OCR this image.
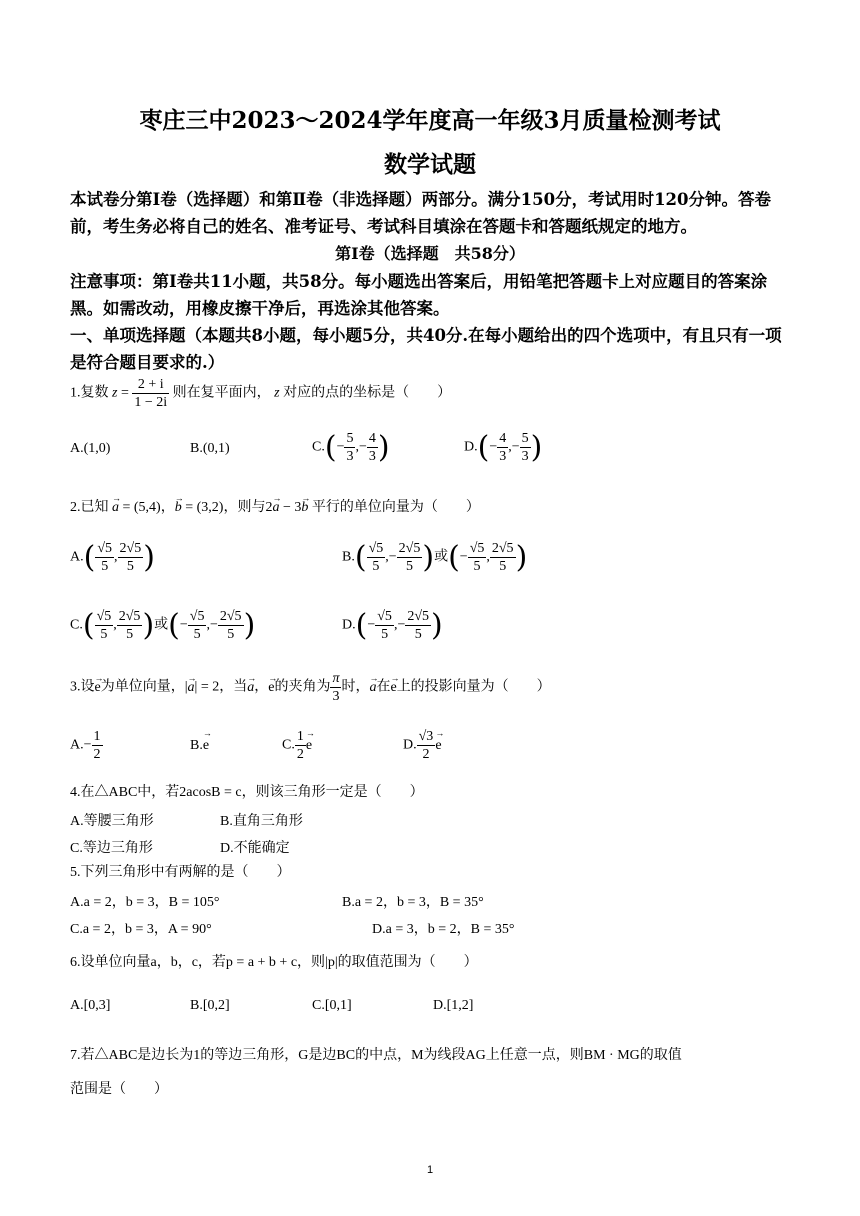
枣庄三中2023～2024学年度高一年级3月质量检测考试
数学试题
本试卷分第Ⅰ卷（选择题）和第Ⅱ卷（非选择题）两部分。满分150分，考试用时120分钟。答卷前，考生务必将自己的姓名、准考证号、考试科目填涂在答题卡和答题纸规定的地方。
第Ⅰ卷（选择题　共58分）
注意事项：第Ⅰ卷共11小题，共58分。每小题选出答案后，用铅笔把答题卡上对应题目的答案涂黑。如需改动，用橡皮擦干净后，再选涂其他答案。
一、单项选择题（本题共8小题，每小题5分，共40分.在每小题给出的四个选项中，有且只有一项是符合题目要求的.）
1.复数 $z = \frac{2 + i}{1 - 2i}$ 则在复平面内， z 对应的点的坐标是（　　）
A.(1,0)	B.(0,1)	$C.(- \frac{5}{3}$ ,− $\frac{4}{3}$ )	$D.(- \frac{4}{3}$ ,− $\frac{5}{3}$ )
2.已知 → a = (5,4)，→ b = (3,2)，则与2→ a − 3→ b 平行的单位向量为（　　）
$A.( \frac{√5}{5}$ , $\frac{2√5}{5}$ )	$B.( \frac{√5}{5}$ ,− $\frac{2√5}{5}$ )或(− $\frac{√5}{5}$ , $\frac{2√5}{5}$ )
$C.( \frac{√5}{5}$ , $\frac{2√5}{5}$ )或(− $\frac{√5}{5}$ ,− $\frac{2√5}{5}$ )	$D.(- \frac{√5}{5}$ ,− $\frac{2√5}{5}$ )
3.设→ e为单位向量，|→ a| = 2，当→ a，→ e的夹角为 $\frac{\pi}{3}$ 时，→ a在→ e上的投影向量为（　　）
$A.- \frac{1}{2}$	B.→ e	C. $\frac{1}{2} \to e$	D. $\frac{√3}{2} \to e$
4.在△ABC中，若2acosB = c，则该三角形一定是（　　）
A.等腰三角形	B.直角三角形
C.等边三角形	D.不能确定
5.下列三角形中有两解的是（　　）
A.a = 2，b = 3，B = 105°	B.a = 2，b = 3，B = 35°
C.a = 2，b = 3，A = 90°	D.a = 3，b = 2，B = 35°
6.设单位向量a，b，c，若p = a + b + c，则|p|的取值范围为（　　）
A.[0,3]	B.[0,2]	C.[0,1]	D.[1,2]
7.若△ABC是边长为1的等边三角形，G是边BC的中点，M为线段AG上任意一点，则BM · MG的取值
范围是（　　）
1
